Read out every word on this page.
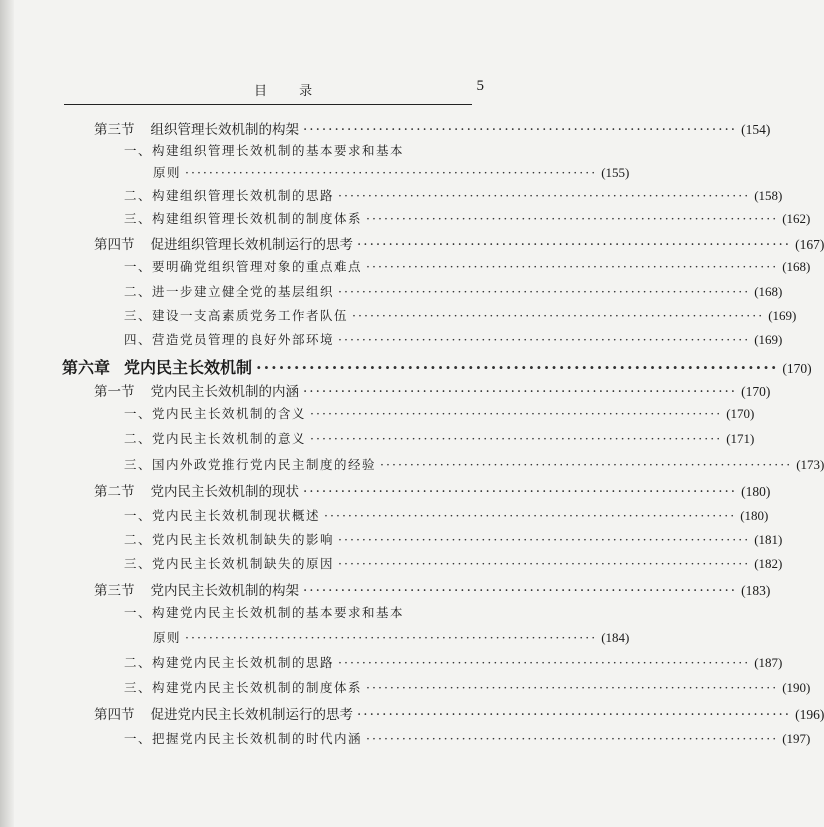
目 录	5
第三节 组织管理长效机制的构架 ····································································· (154)
一、 构建组织管理长效机制的基本要求和基本
原则 ····································································· (155)
二、 构建组织管理长效机制的思路 ····································································· (158)
三、 构建组织管理长效机制的制度体系 ····································································· (162)
第四节 促进组织管理长效机制运行的思考 ····································································· (167)
一、 要明确党组织管理对象的重点难点 ····································································· (168)
二、 进一步建立健全党的基层组织 ····································································· (168)
三、 建设一支高素质党务工作者队伍 ····································································· (169)
四、 营造党员管理的良好外部环境 ····································································· (169)
第六章 党内民主长效机制 ····································································· (170)
第一节 党内民主长效机制的内涵 ····································································· (170)
一、 党内民主长效机制的含义 ····································································· (170)
二、 党内民主长效机制的意义 ····································································· (171)
三、 国内外政党推行党内民主制度的经验 ····································································· (173)
第二节 党内民主长效机制的现状 ····································································· (180)
一、 党内民主长效机制现状概述 ····································································· (180)
二、 党内民主长效机制缺失的影响 ····································································· (181)
三、 党内民主长效机制缺失的原因 ····································································· (182)
第三节 党内民主长效机制的构架 ····································································· (183)
一、 构建党内民主长效机制的基本要求和基本
原则 ····································································· (184)
二、 构建党内民主长效机制的思路 ····································································· (187)
三、 构建党内民主长效机制的制度体系 ····································································· (190)
第四节 促进党内民主长效机制运行的思考 ····································································· (196)
一、 把握党内民主长效机制的时代内涵 ····································································· (197)
